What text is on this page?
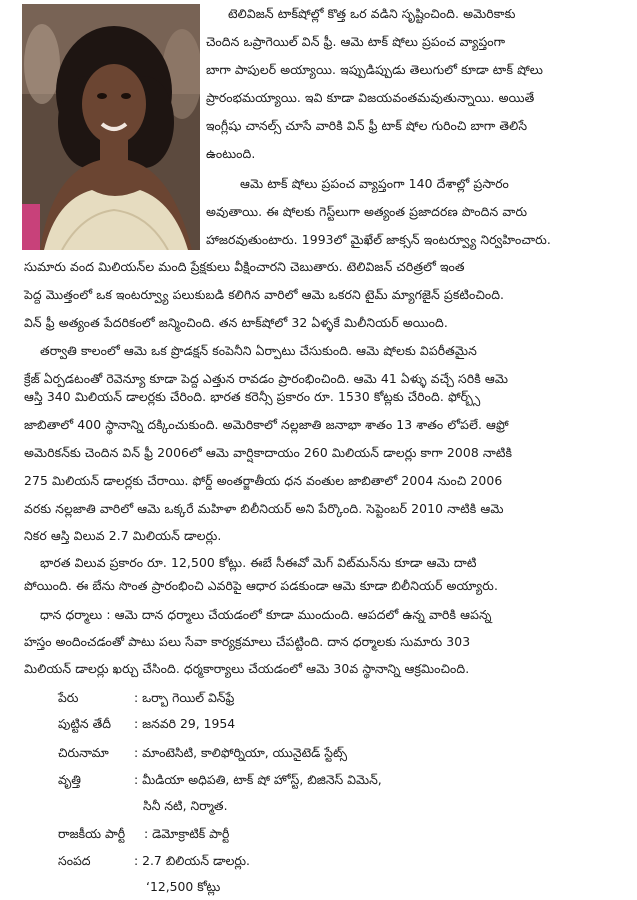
టెలివిజన్ టాక్‌షోల్లో కొత్త ఒర వడిని సృష్టించింది. అమెరికాకు
చెందిన ఒప్రాగెయిల్ విన్ ఫ్రీ. ఆమె టాక్ షోలు ప్రపంచ వ్యాప్తంగా
బాగా పాపులర్ అయ్యాయి. ఇప్పుడిప్పుడు తెలుగులో కూడా టాక్ షోలు
ప్రారంభమయ్యాయి. ఇవి కూడా విజయవంతమవుతున్నాయి. అయితే
ఇంగ్లీషు చానల్స్ చూసే వారికి విన్ ఫ్రీ టాక్ షోల గురించి బాగా తెలిసే
ఉంటుంది.
ఆమె టాక్ షోలు ప్రపంచ వ్యాప్తంగా 140 దేశాల్లో ప్రసారం
అవుతాయి. ఈ షోలకు గెస్ట్‌లుగా అత్యంత ప్రజాదరణ పొందిన వారు
హాజరవుతుంటారు. 1993లో మైఖేల్ జాక్సన్ ఇంటర్వ్యూ నిర్వహించారు.
సుమారు వంద మిలియన్‌ల మంది ప్రేక్షకులు వీక్షించారని చెబుతారు. టెలివిజన్ చరిత్రలో ఇంత
పెద్ద మొత్తంలో ఒక ఇంటర్వ్యూ పలుకుబడి కలిగిన వారిలో ఆమె ఒకరని టైమ్ మ్యాగజైన్ ప్రకటించింది.
విన్ ఫ్రీ అత్యంత పేదరికంలో జన్మించింది. తన టాక్‌షో‌లో 32 ఏళ్ళకే మిలీనియర్ అయింది.
తర్వాతి కాలంలో ఆమె ఒక ప్రొడక్షన్ కంపెనీని ఏర్పాటు చేసుకుంది. ఆమె షోలకు విపరీతమైన
క్రేజ్ ఏర్పడటంతో రెవెన్యూ కూడా పెద్ద ఎత్తున రావడం ప్రారంభించింది. ఆమె 41 ఏళ్ళు వచ్చే సరికి ఆమె
ఆస్తి 340 మిలియన్ డాలర్లకు చేరింది. భారత కరెన్సీ ప్రకారం రూ. 1530 కోట్లకు చేరింది. ఫోర్బ్స్
జాబితాలో 400 స్థానాన్ని దక్కించుకుంది. అమెరికాలో నల్లజాతి జనాభా శాతం 13 శాతం లోపలే. ఆఫ్రో
అమెరికన్‌కు చెందిన విన్ ఫ్రీ 2006లో ఆమె వార్షికాదాయం 260 మిలియన్ డాలర్లు కాగా 2008 నాటికి
275 మిలియన్ డాలర్లకు చేరాయి. ఫోర్డ్ అంతర్జాతీయ ధన వంతుల జాబితాలో 2004 నుంచి 2006
వరకు నల్లజాతి వారిలో ఆమె ఒక్కరే మహిళా బిలీనియర్ అని పేర్కొంది. సెప్టెంబర్ 2010 నాటికి ఆమె
నికర ఆస్తి విలువ 2.7 మిలియన్ డాలర్లు.
భారత విలువ ప్రకారం రూ. 12,500 కోట్లు. ఈబే సీఈవో మెగ్ విట్‌మన్‌ను కూడా ఆమె దాటి
పోయింది. ఈ బేను సొంత ప్రారంభించి ఎవరిపై ఆధార పడకుండా ఆమె కూడా బిలీనియర్ అయ్యారు.
ధాన ధర్మాలు : ఆమె దాన ధర్మాలు చేయడంలో కూడా ముందుంది. ఆపదలో ఉన్న వారికి ఆపన్న
హస్తం అందించడంతో పాటు పలు సేవా కార్యక్రమాలు చేపట్టింది. దాన ధర్మాలకు సుమారు 303
మిలియన్ డాలర్లు ఖర్చు చేసింది. ధర్మకార్యాలు చేయడంలో ఆమె 30వ స్థానాన్ని ఆక్రమించింది.
పేరు	: ఒర్బా గెయిల్ విన్‌ఫ్రే
పుట్టిన తేదీ : జనవరి 29, 1954
చిరునామా : మాంటెసిటి, కాలిఫోర్నియా, యునైటెడ్ స్టేట్స్
వృత్తి	: మీడియా అధిపతి, టాక్ షో హోస్ట్, బిజినెస్ విమెన్,
సినీ నటి, నిర్మాత.
రాజకీయ పార్టీ : డెమోక్రాటిక్ పార్టీ
సంపద	: 2.7 బిలియన్ డాలర్లు.
‘12,500 కోట్లు
